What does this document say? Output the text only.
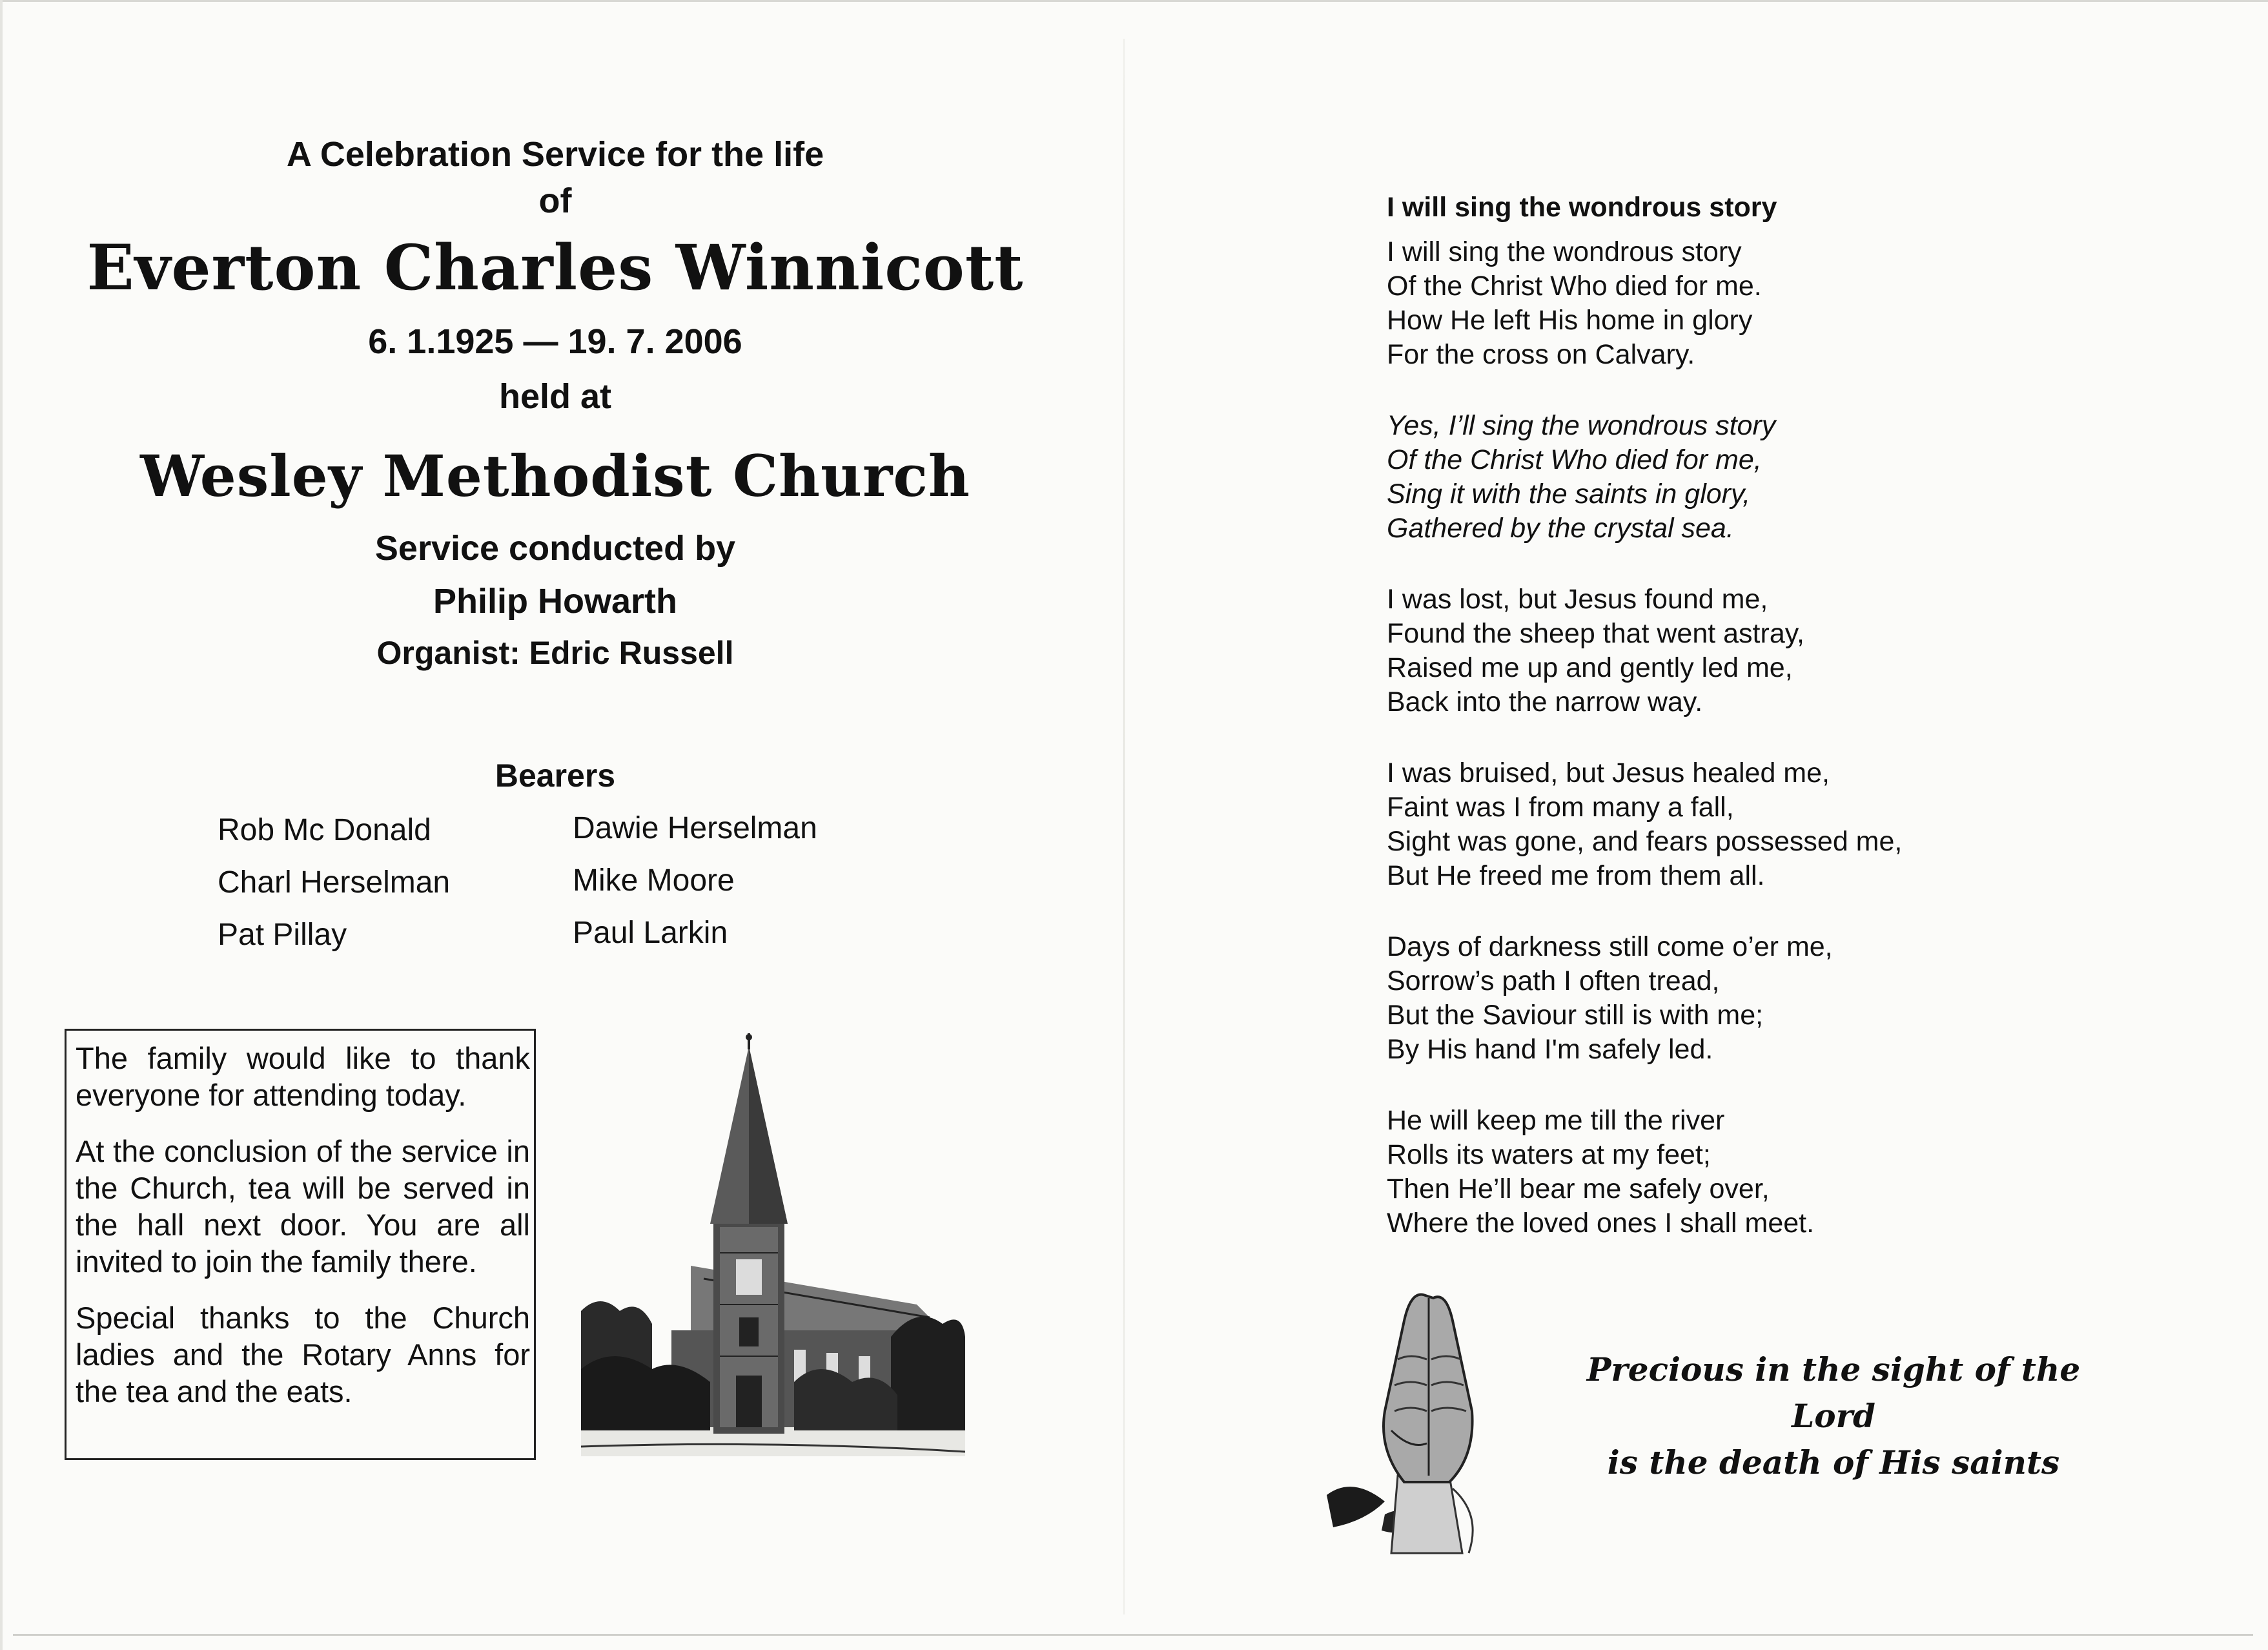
A Celebration Service for the life
of
Everton Charles Winnicott
6. 1.1925 — 19. 7. 2006
held at
Wesley Methodist Church
Service conducted by
Philip Howarth
Organist: Edric Russell
Bearers
Rob Mc Donald
Charl Herselman
Pat Pillay
Dawie Herselman
Mike Moore
Paul Larkin

The family would like to thank everyone for attending today.

At the conclusion of the service in the Church, tea will be served in the hall next door. You are all invited to join the family there.

Special thanks to the Church ladies and the Rotary Anns for the tea and the eats.

I will sing the wondrous story
I will sing the wondrous story
Of the Christ Who died for me.
How He left His home in glory
For the cross on Calvary.
Yes, I’ll sing the wondrous story
Of the Christ Who died for me,
Sing it with the saints in glory,
Gathered by the crystal sea.
I was lost, but Jesus found me,
Found the sheep that went astray,
Raised me up and gently led me,
Back into the narrow way.
I was bruised, but Jesus healed me,
Faint was I from many a fall,
Sight was gone, and fears possessed me,
But He freed me from them all.
Days of darkness still come o’er me,
Sorrow’s path I often tread,
But the Saviour still is with me;
By His hand I'm safely led.
He will keep me till the river
Rolls its waters at my feet;
Then He’ll bear me safely over,
Where the loved ones I shall meet.
Precious in the sight of the Lord
is the death of His saints
